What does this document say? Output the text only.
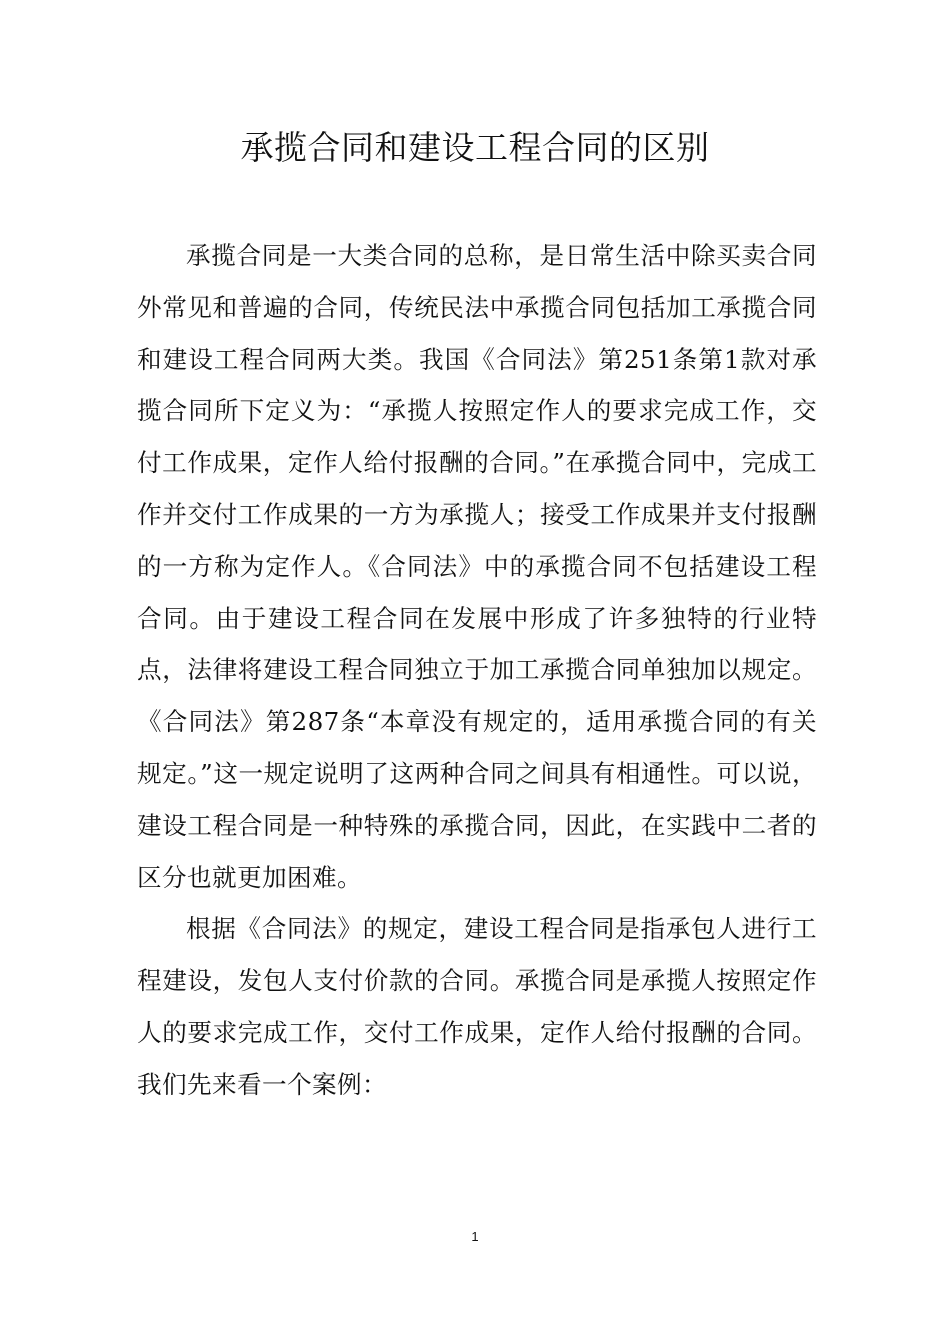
承揽合同和建设工程合同的区别

承揽合同是一大类合同的总称，是日常生活中除买卖合同外常见和普遍的合同，传统民法中承揽合同包括加工承揽合同和建设工程合同两大类。我国《合同法》第251条第1款对承揽合同所下定义为：“承揽人按照定作人的要求完成工作，交付工作成果，定作人给付报酬的合同。”在承揽合同中，完成工作并交付工作成果的一方为承揽人；接受工作成果并支付报酬的一方称为定作人。《合同法》中的承揽合同不包括建设工程合同。由于建设工程合同在发展中形成了许多独特的行业特点，法律将建设工程合同独立于加工承揽合同单独加以规定。《合同法》第287条“本章没有规定的，适用承揽合同的有关规定。”这一规定说明了这两种合同之间具有相通性。可以说，建设工程合同是一种特殊的承揽合同，因此，在实践中二者的区分也就更加困难。

根据《合同法》的规定，建设工程合同是指承包人进行工程建设，发包人支付价款的合同。承揽合同是承揽人按照定作人的要求完成工作，交付工作成果，定作人给付报酬的合同。我们先来看一个案例：

1
